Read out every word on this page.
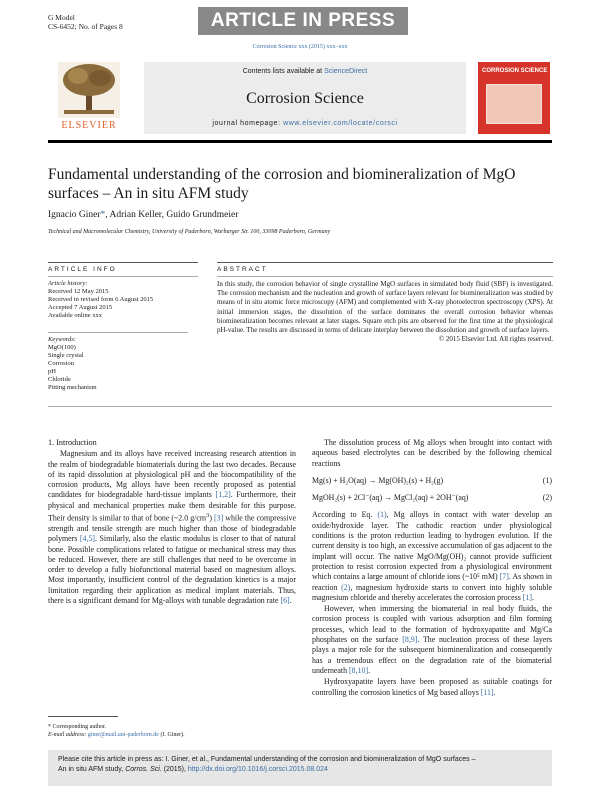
G Model
CS-6452; No. of Pages 8	ARTICLE IN PRESS
Corrosion Science xxx (2015) xxx–xxx
ELSEVIER
Contents lists available at ScienceDirect
Corrosion Science
journal homepage: www.elsevier.com/locate/corsci
CORROSION SCIENCE
Fundamental understanding of the corrosion and biomineralization of MgO surfaces – An in situ AFM study
Ignacio Giner*, Adrian Keller, Guido Grundmeier
Technical and Macromolecular Chemistry, University of Paderborn, Warburger Str. 100, 33098 Paderborn, Germany
ARTICLE INFO	ABSTRACT
Article history:
Received 12 May 2015
Received in revised form 6 August 2015
Accepted 7 August 2015
Available online xxx
Keywords:
MgO(100)
Single crystal
Corrosion
pH
Chloride
Pitting mechanism
In this study, the corrosion behavior of single crystalline MgO surfaces in simulated body fluid (SBF) is investigated. The corrosion mechanism and the nucleation and growth of surface layers relevant for biomineralization was studied by means of in situ atomic force microscopy (AFM) and complemented with X-ray photoelectron spectroscopy (XPS). At initial immersion stages, the dissolution of the surface dominates the overall corrosion behavior whereas biomineralization becomes relevant at later stages. Square etch pits are observed for the first time at the physiological pH-value. The results are discussed in terms of delicate interplay between the dissolution and growth of surface layers.
© 2015 Elsevier Ltd. All rights reserved.

1. Introduction

Magnesium and its alloys have received increasing research attention in the realm of biodegradable biomaterials during the last two decades. Because of its rapid dissolution at physiological pH and the biocompatibility of the corrosion products, Mg alloys have been recently proposed as potential candidates for biodegradable hard-tissue implants [1,2]. Furthermore, their physical and mechanical properties make them desirable for this purpose. Their density is similar to that of bone (~2.0 $g/cm^3$) [3] while the compressive strength and tensile strength are much higher than those of biodegradable polymers [4,5]. Similarly, also the elastic modulus is closer to that of natural bone. Possible complications related to fatigue or mechanical stress may thus be reduced. However, there are still challenges that need to be overcome in order to develop a fully biofunctional material based on magnesium alloys. Most importantly, insufficient control of the degradation kinetics is a major limitation regarding their application as medical implant materials. Thus, there is a significant demand for Mg-alloys with tunable degradation rate [6].

The dissolution process of Mg alloys when brought into contact with aqueous based electrolytes can be described by the following chemical reactions

Mg(s) + H₂O(aq) → Mg(OH)₂(s) + H₂(g)	(1)
MgOH₂(s) + 2Cl⁻(aq) → MgCl₂(aq) + 2OH⁻(aq)	(2)

According to Eq. (1), Mg alloys in contact with water develop an oxide/hydroxide layer. The cathodic reaction under physiological conditions is the proton reduction leading to hydrogen evolution. If the current density is too high, an excessive accumulation of gas adjacent to the implant will occur. The native MgO/Mg(OH)₂ cannot provide sufficient protection to resist corrosion expected from a physiological environment which contains a large amount of chloride ions (~10⁵ mM) [7]. As shown in reaction (2), magnesium hydroxide starts to convert into highly soluble magnesium chloride and thereby accelerates the corrosion process [1].

However, when immersing the biomaterial in real body fluids, the corrosion process is coupled with various adsorption and film forming processes, which lead to the formation of hydroxyapatite and Mg/Ca phosphates on the surface [8,9]. The nucleation process of these layers plays a major role for the subsequent biomineralization and consequently has a tremendous effect on the degradation rate of the biomaterial underneath [8,10].

Hydroxyapatite layers have been proposed as suitable coatings for controlling the corrosion kinetics of Mg based alloys [11].

* Corresponding author.
E-mail address: giner@mail.uni-paderborn.de (I. Giner).
Please cite this article in press as: I. Giner, et al., Fundamental understanding of the corrosion and biomineralization of MgO surfaces –
An in situ AFM study, Corros. Sci. (2015), http://dx.doi.org/10.1016/j.corsci.2015.08.024
